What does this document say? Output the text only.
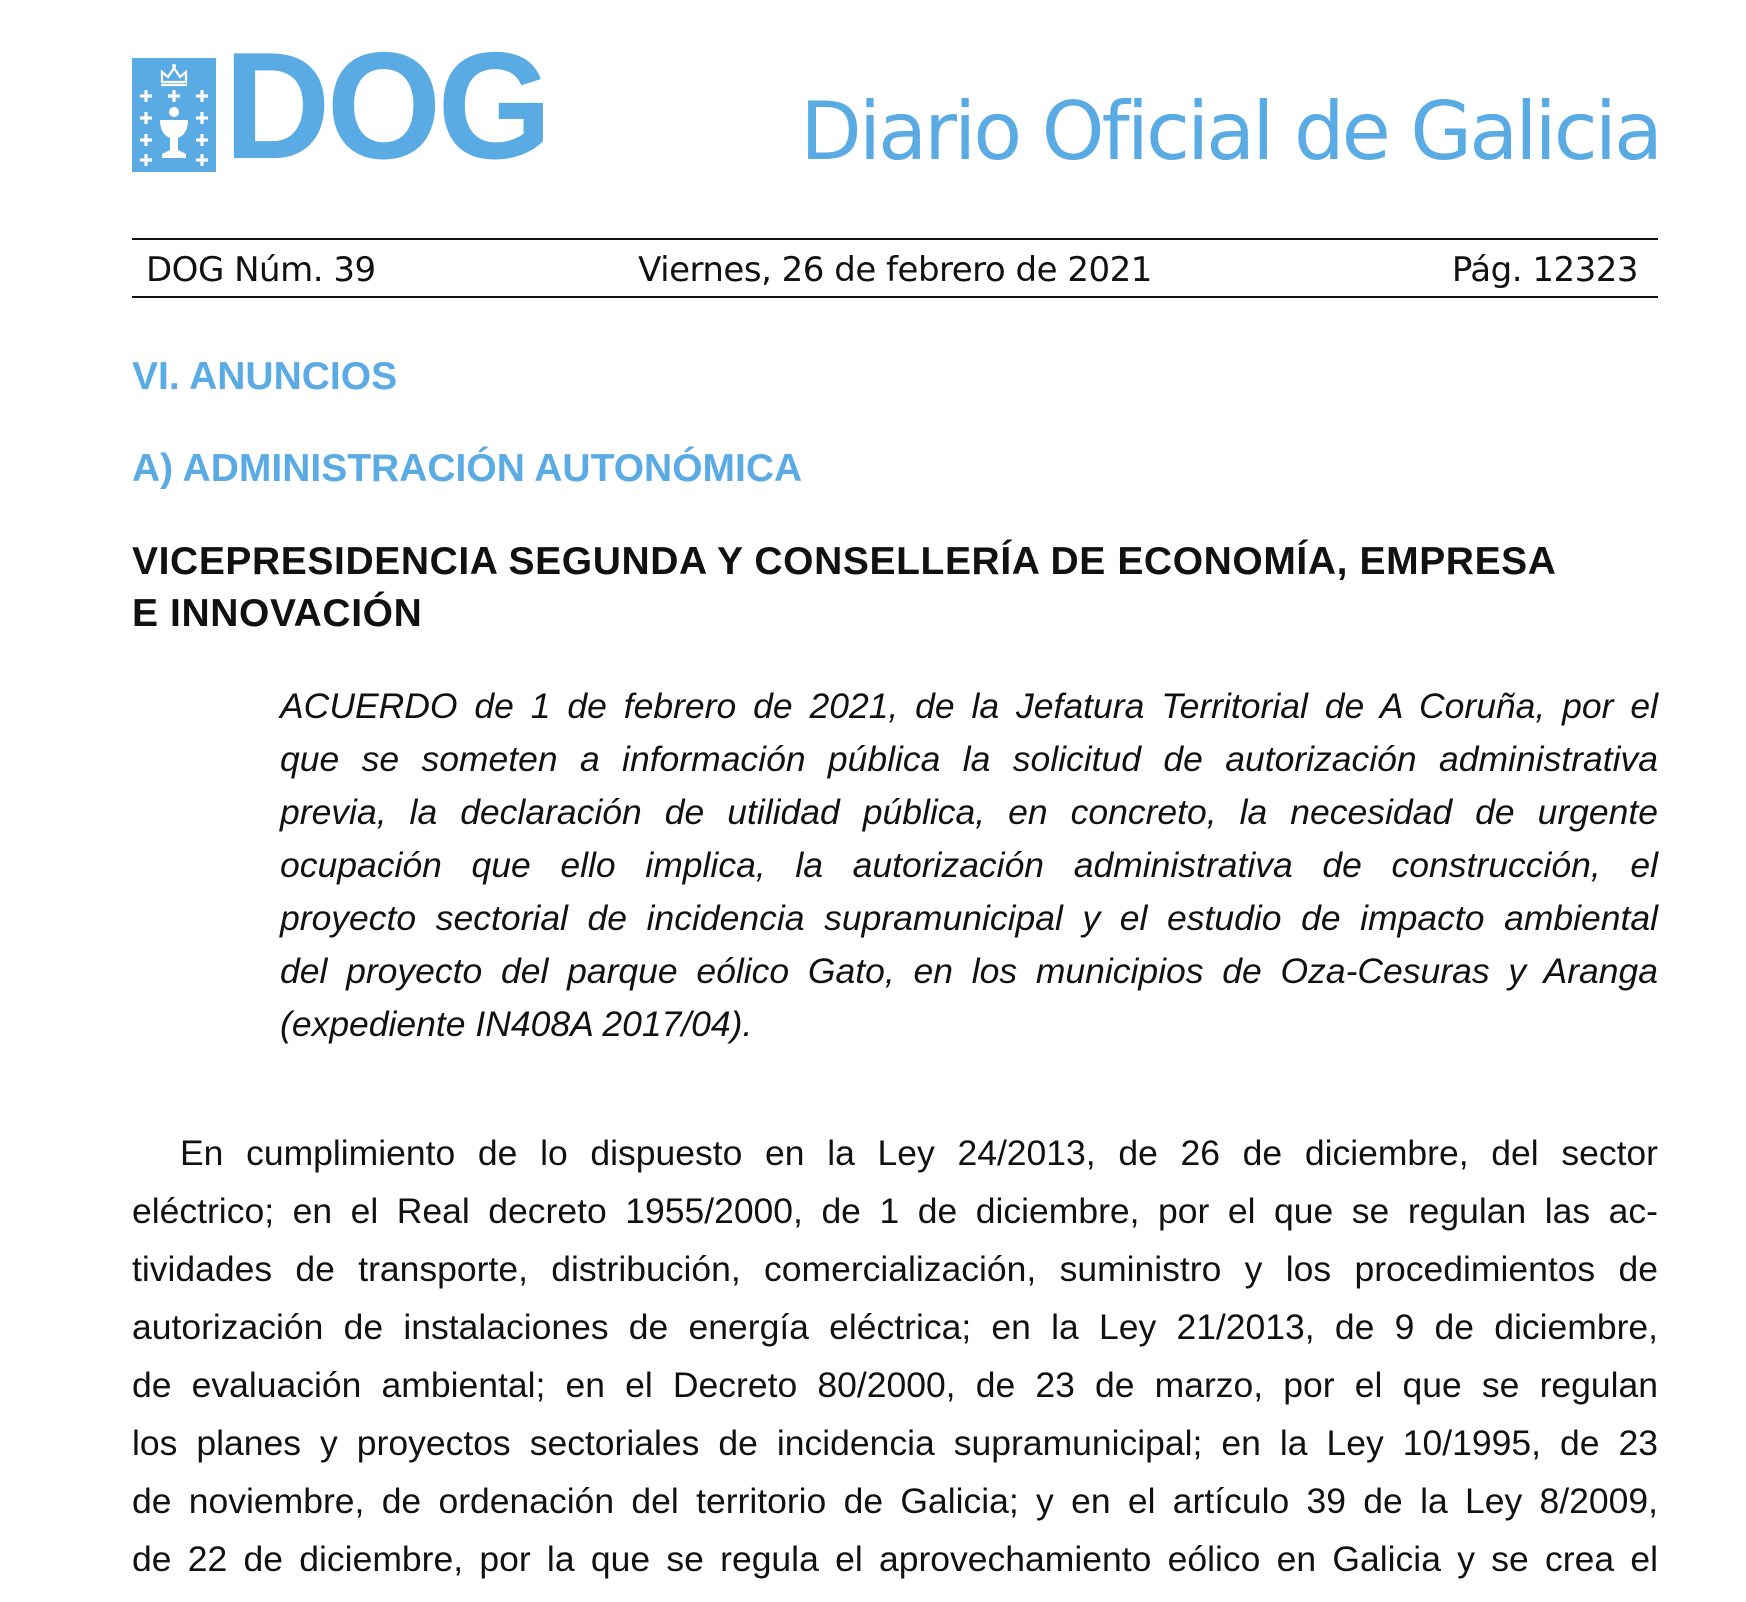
DOG	Diario Oficial de Galicia
DOG Núm. 39	Viernes, 26 de febrero de 2021	Pág. 12323
VI. ANUNCIOS
A) ADMINISTRACIÓN AUTONÓMICA
VICEPRESIDENCIA SEGUNDA Y CONSELLERÍA DE ECONOMÍA, EMPRESA
E INNOVACIÓN
ACUERDO de 1 de febrero de 2021, de la Jefatura Territorial de A Coruña, por el
que se someten a información pública la solicitud de autorización administrativa
previa, la declaración de utilidad pública, en concreto, la necesidad de urgente
ocupación que ello implica, la autorización administrativa de construcción, el
proyecto sectorial de incidencia supramunicipal y el estudio de impacto ambiental
del proyecto del parque eólico Gato, en los municipios de Oza-Cesuras y Aranga
(expediente IN408A 2017/04).
En cumplimiento de lo dispuesto en la Ley 24/2013, de 26 de diciembre, del sector
eléctrico; en el Real decreto 1955/2000, de 1 de diciembre, por el que se regulan las ac-
tividades de transporte, distribución, comercialización, suministro y los procedimientos de
autorización de instalaciones de energía eléctrica; en la Ley 21/2013, de 9 de diciembre,
de evaluación ambiental; en el Decreto 80/2000, de 23 de marzo, por el que se regulan
los planes y proyectos sectoriales de incidencia supramunicipal; en la Ley 10/1995, de 23
de noviembre, de ordenación del territorio de Galicia; y en el artículo 39 de la Ley 8/2009,
de 22 de diciembre, por la que se regula el aprovechamiento eólico en Galicia y se crea el
